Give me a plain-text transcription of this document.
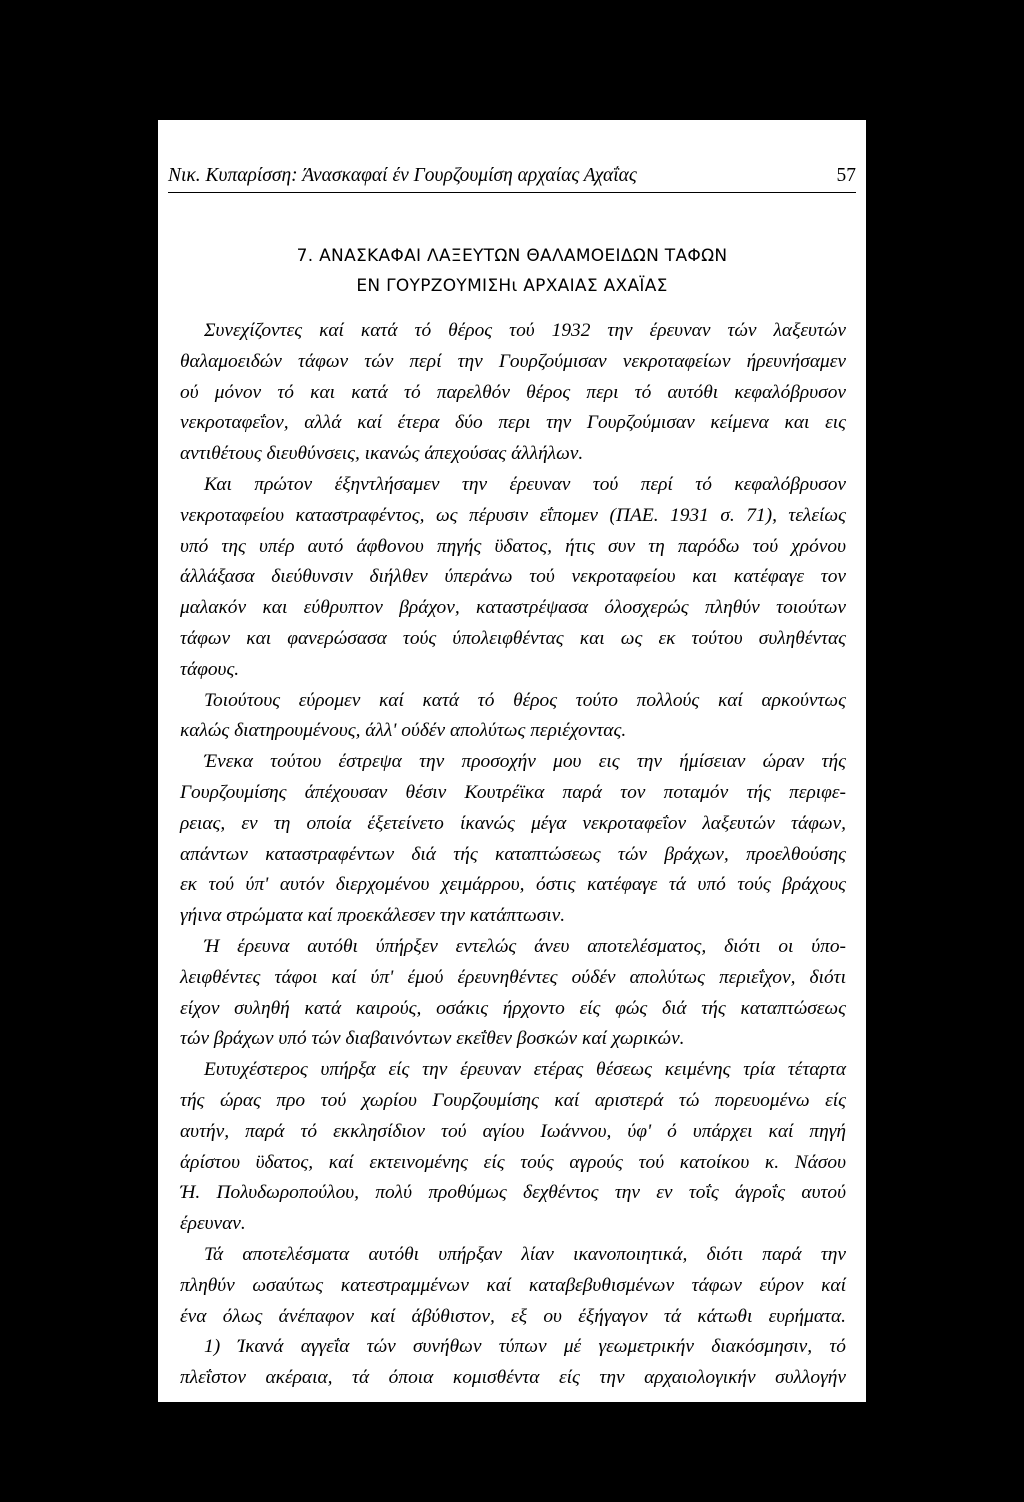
Νικ. Κυπαρίσση: Άνασκαφαί έν Γουρζουμίση αρχαίας Αχαΐας	57
7. ΑΝΑΣΚΑΦΑΙ ΛΑΞΕΥΤΩΝ ΘΑΛΑΜΟΕΙΔΩΝ ΤΑΦΩΝ
ΕΝ ΓΟΥΡΖΟΥΜΙΣΗι ΑΡΧΑΙΑΣ ΑΧΑΪΑΣ
Συνεχίζοντες καί κατά τό θέρος τού 1932 την έρευναν τών λαξευτών
θαλαμοειδών τάφων τών περί την Γουρζούμισαν νεκροταφείων ήρευνήσαμεν
ού μόνον τό και κατά τό παρελθόν θέρος περι τό αυτόθι κεφαλόβρυσον
νεκροταφεΐον, αλλά καί έτερα δύο περι την Γουρζούμισαν κείμενα και εις
αντιθέτους διευθύνσεις, ικανώς άπεχούσας άλλήλων.
Και πρώτον έξηντλήσαμεν την έρευναν τού περί τό κεφαλόβρυσον
νεκροταφείου καταστραφέντος, ως πέρυσιν εΐπομεν (ΠΑΕ. 1931 σ. 71), τελείως
υπό της υπέρ αυτό άφθονου πηγής ϋδατος, ήτις συν τη παρόδω τού χρόνου
άλλάξασα διεύθυνσιν διήλθεν ύπεράνω τού νεκροταφείου και κατέφαγε τον
μαλακόν και εύθρυπτον βράχον, καταστρέψασα όλοσχερώς πληθύν τοιούτων
τάφων και φανερώσασα τούς ύπολειφθέντας και ως εκ τούτου συληθέντας
τάφους.
Τοιούτους εύρομεν καί κατά τό θέρος τούτο πολλούς καί αρκούντως
καλώς διατηρουμένους, άλλ' ούδέν απολύτως περιέχοντας.
Ένεκα τούτου έστρεψα την προσοχήν μου εις την ήμίσειαν ώραν τής
Γουρζουμίσης άπέχουσαν θέσιν Κουτρέϊκα παρά τον ποταμόν τής περιφε-
ρειας, εν τη οποία έξετείνετο ίκανώς μέγα νεκροταφεΐον λαξευτών τάφων,
απάντων καταστραφέντων διά τής καταπτώσεως τών βράχων, προελθούσης
εκ τού ύπ' αυτόν διερχομένου χειμάρρου, όστις κατέφαγε τά υπό τούς βράχους
γήινα στρώματα καί προεκάλεσεν την κατάπτωσιν.
Ή έρευνα αυτόθι ύπήρξεν εντελώς άνευ αποτελέσματος, διότι οι ύπο-
λειφθέντες τάφοι καί ύπ' έμού έρευνηθέντες ούδέν απολύτως περιεΐχον, διότι
είχον συληθή κατά καιρούς, οσάκις ήρχοντο είς φώς διά τής καταπτώσεως
τών βράχων υπό τών διαβαινόντων εκεΐθεν βοσκών καί χωρικών.
Ευτυχέστερος υπήρξα είς την έρευναν ετέρας θέσεως κειμένης τρία τέταρτα
τής ώρας προ τού χωρίου Γουρζουμίσης καί αριστερά τώ πορευομένω είς
αυτήν, παρά τό εκκλησίδιον τού αγίου Ιωάννου, ύφ' ό υπάρχει καί πηγή
άρίστου ϋδατος, καί εκτεινομένης είς τούς αγρούς τού κατοίκου κ. Νάσου
Ή. Πολυδωροπούλου, πολύ προθύμως δεχθέντος την εν τοΐς άγροΐς αυτού
έρευναν.
Τά αποτελέσματα αυτόθι υπήρξαν λίαν ικανοποιητικά, διότι παρά την
πληθύν ωσαύτως κατεστραμμένων καί καταβεβυθισμένων τάφων εύρον καί
ένα όλως άνέπαφον καί άβύθιστον, εξ ου έξήγαγον τά κάτωθι ευρήματα.
1) Ίκανά αγγεΐα τών συνήθων τύπων μέ γεωμετρικήν διακόσμησιν, τό
πλεΐστον ακέραια, τά όποια κομισθέντα είς την αρχαιολογικήν συλλογήν
